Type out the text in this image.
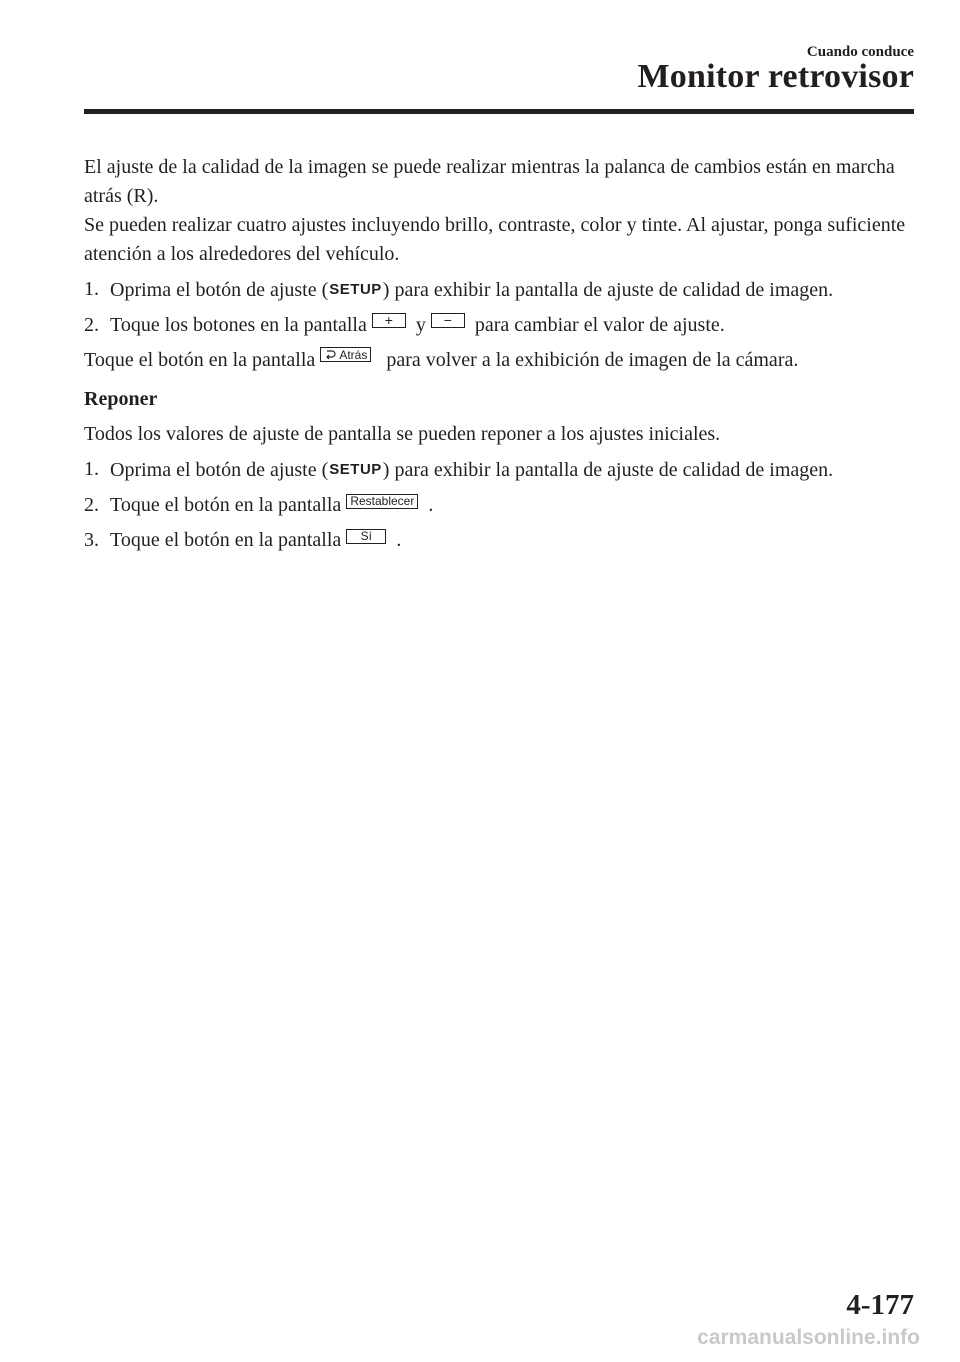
Cuando conduce
Monitor retrovisor

El ajuste de la calidad de la imagen se puede realizar mientras la palanca de cambios están en marcha atrás (R).

Se pueden realizar cuatro ajustes incluyendo brillo, contraste, color y tinte. Al ajustar, ponga suficiente atención a los alrededores del vehículo.

1. Oprima el botón de ajuste (SETUP) para exhibir la pantalla de ajuste de calidad de imagen.
2. Toque los botones en la pantalla + y − para cambiar el valor de ajuste.

Toque el botón en la pantalla Atrás para volver a la exhibición de imagen de la cámara.

Reponer

Todos los valores de ajuste de pantalla se pueden reponer a los ajustes iniciales.

1. Oprima el botón de ajuste (SETUP) para exhibir la pantalla de ajuste de calidad de imagen.
2. Toque el botón en la pantalla Restablecer .
3. Toque el botón en la pantalla Sí .
4-177
carmanualsonline.info
